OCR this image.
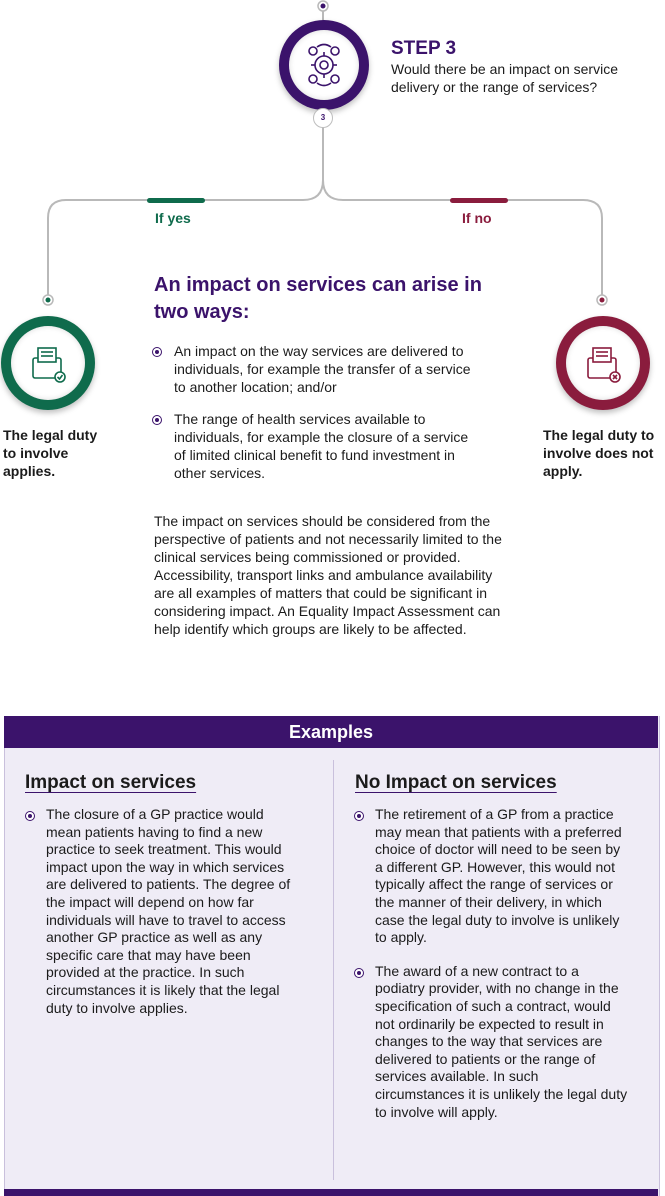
3
STEP 3
Would there be an impact on service delivery or the range of services?
If yes	If no
The legal duty to involve applies.
The legal duty to involve does not apply.
An impact on services can arise in two ways:
An impact on the way services are delivered to individuals, for example the transfer of a service to another location; and/or
The range of health services available to individuals, for example the closure of a service of limited clinical benefit to fund investment in other services.
The impact on services should be considered from the perspective of patients and not necessarily limited to the clinical services being commissioned or provided. Accessibility, transport links and ambulance availability are all examples of matters that could be significant in considering impact. An Equality Impact Assessment can help identify which groups are likely to be affected.
Examples
Impact on services
The closure of a GP practice would mean patients having to find a new practice to seek treatment. This would impact upon the way in which services are delivered to patients. The degree of the impact will depend on how far individuals will have to travel to access another GP practice as well as any specific care that may have been provided at the practice. In such circumstances it is likely that the legal duty to involve applies.
No Impact on services
The retirement of a GP from a practice may mean that patients with a preferred choice of doctor will need to be seen by a different GP. However, this would not typically affect the range of services or the manner of their delivery, in which case the legal duty to involve is unlikely to apply.
The award of a new contract to a podiatry provider, with no change in the specification of such a contract, would not ordinarily be expected to result in changes to the way that services are delivered to patients or the range of services available. In such circumstances it is unlikely the legal duty to involve will apply.
